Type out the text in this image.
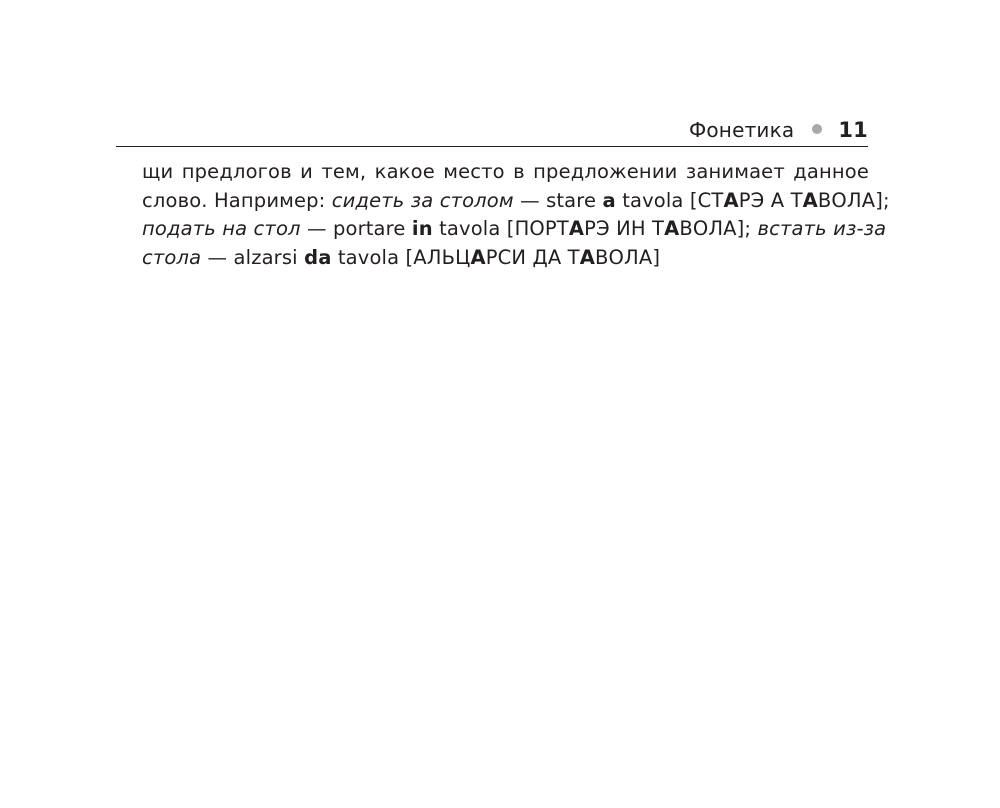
Фонетика 11
щи предлогов и тем, какое место в предложении занимает данное
слово. Например: сидеть за столом — stare a tavola [СТАРЭ А ТАВОЛА];
подать на стол — portare in tavola [ПОРТАРЭ ИН ТАВОЛА]; встать из-за
стола — alzarsi da tavola [АЛЬЦАРСИ ДА ТАВОЛА]
